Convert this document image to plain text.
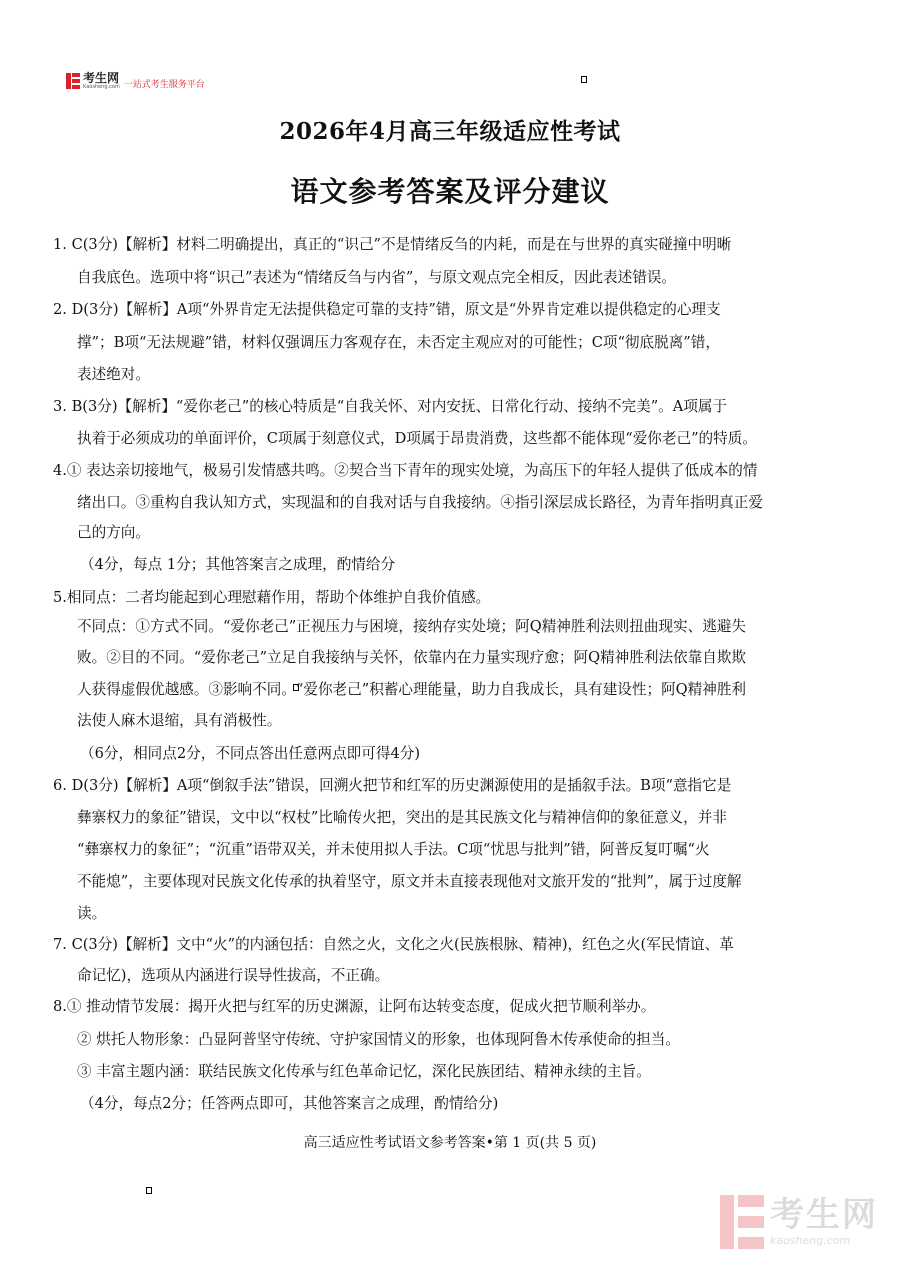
考生网
Kaosheng.com 一站式考生服务平台
2026年4月高三年级适应性考试
语文参考答案及评分建议
1. C(3分)【解析】材料二明确提出，真正的“识己”不是情绪反刍的内耗，而是在与世界的真实碰撞中明晰
自我底色。选项中将“识己”表述为“情绪反刍与内省”，与原文观点完全相反，因此表述错误。
2. D(3分)【解析】A项“外界肯定无法提供稳定可靠的支持”错，原文是“外界肯定难以提供稳定的心理支
撑”；B项“无法规避”错，材料仅强调压力客观存在，未否定主观应对的可能性；C项“彻底脱离”错，
表述绝对。
3. B(3分)【解析】“爱你老己”的核心特质是“自我关怀、对内安抚、日常化行动、接纳不完美”。A项属于
执着于必须成功的单面评价，C项属于刻意仪式，D项属于昂贵消费，这些都不能体现“爱你老己”的特质。
4.① 表达亲切接地气，极易引发情感共鸣。②契合当下青年的现实处境，为高压下的年轻人提供了低成本的情
绪出口。③重构自我认知方式，实现温和的自我对话与自我接纳。④指引深层成长路径，为青年指明真正爱
己的方向。
（4分，每点 1分；其他答案言之成理，酌情给分
5.相同点：二者均能起到心理慰藉作用，帮助个体维护自我价值感。
不同点：①方式不同。“爱你老己”正视压力与困境，接纳存实处境；阿Q精神胜利法则扭曲现实、逃避失
败。②目的不同。“爱你老己”立足自我接纳与关怀，依靠内在力量实现疗愈；阿Q精神胜利法依靠自欺欺
人获得虚假优越感。③影响不同。“爱你老己”积蓄心理能量，助力自我成长，具有建设性；阿Q精神胜利
法使人麻木退缩，具有消极性。
（6分，相同点2分，不同点答出任意两点即可得4分)
6. D(3分)【解析】A项“倒叙手法”错误，回溯火把节和红军的历史渊源使用的是插叙手法。B项“意指它是
彝寨权力的象征”错误，文中以“权杖”比喻传火把，突出的是其民族文化与精神信仰的象征意义，并非
“彝寨权力的象征”；“沉重”语带双关，并未使用拟人手法。C项“忧思与批判”错，阿普反复叮嘱“火
不能熄”，主要体现对民族文化传承的执着坚守，原文并未直接表现他对文旅开发的“批判”，属于过度解
读。
7. C(3分)【解析】文中“火”的内涵包括：自然之火，文化之火(民族根脉、精神)，红色之火(军民情谊、革
命记忆)，选项从内涵进行误导性拔高，不正确。
8.① 推动情节发展：揭开火把与红军的历史渊源，让阿布达转变态度，促成火把节顺利举办。
② 烘托人物形象：凸显阿普坚守传统、守护家国情义的形象，也体现阿鲁木传承使命的担当。
③ 丰富主题内涵：联结民族文化传承与红色革命记忆，深化民族团结、精神永续的主旨。
（4分，每点2分；任答两点即可，其他答案言之成理，酌情给分)
高三适应性考试语文参考答案•第 1 页(共 5 页)
考生网
kaosheng.com
